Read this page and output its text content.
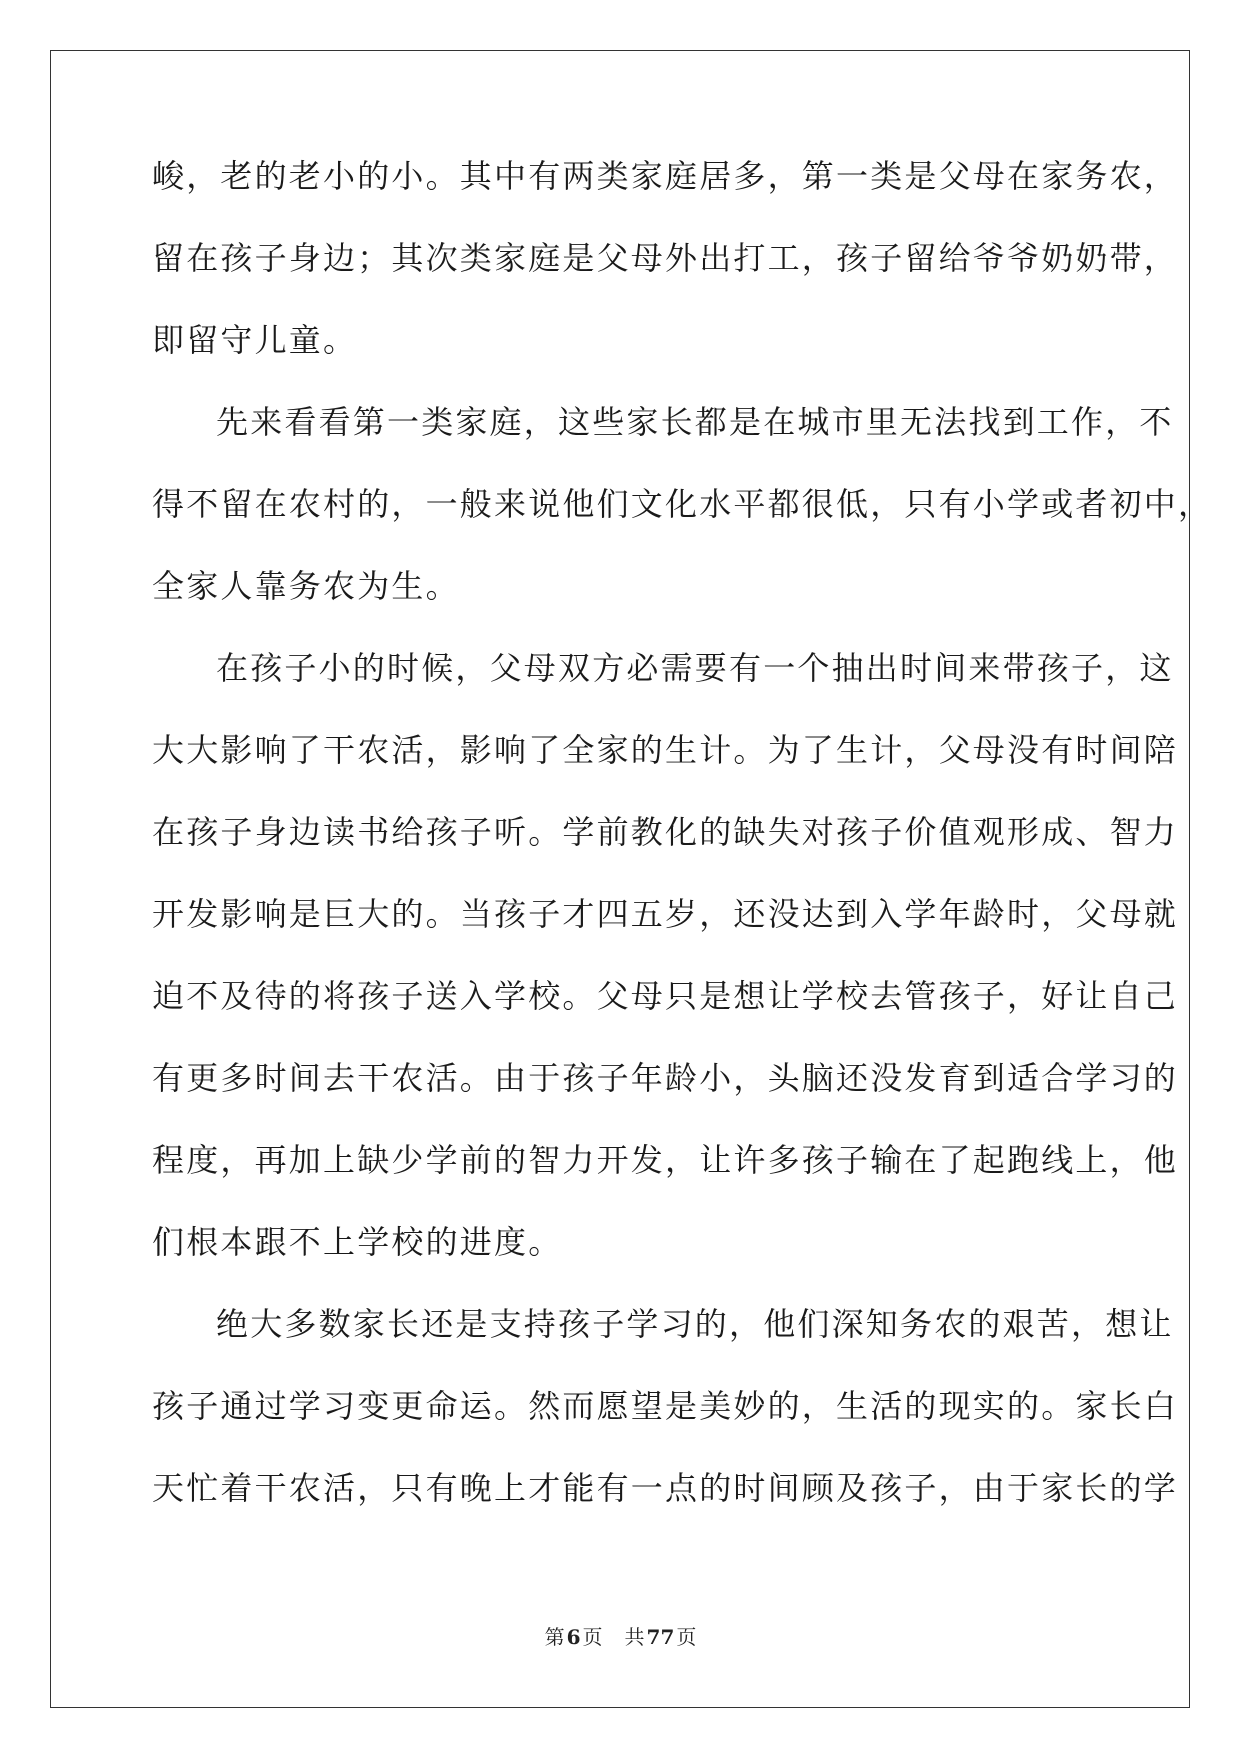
峻，老的老小的小。其中有两类家庭居多，第一类是父母在家务农，
留在孩子身边；其次类家庭是父母外出打工，孩子留给爷爷奶奶带，
即留守儿童。
先来看看第一类家庭，这些家长都是在城市里无法找到工作，不
得不留在农村的，一般来说他们文化水平都很低，只有小学或者初中，
全家人靠务农为生。
在孩子小的时候，父母双方必需要有一个抽出时间来带孩子，这
大大影响了干农活，影响了全家的生计。为了生计，父母没有时间陪
在孩子身边读书给孩子听。学前教化的缺失对孩子价值观形成、智力
开发影响是巨大的。当孩子才四五岁，还没达到入学年龄时，父母就
迫不及待的将孩子送入学校。父母只是想让学校去管孩子，好让自己
有更多时间去干农活。由于孩子年龄小，头脑还没发育到适合学习的
程度，再加上缺少学前的智力开发，让许多孩子输在了起跑线上，他
们根本跟不上学校的进度。
绝大多数家长还是支持孩子学习的，他们深知务农的艰苦，想让
孩子通过学习变更命运。然而愿望是美妙的，生活的现实的。家长白
天忙着干农活，只有晚上才能有一点的时间顾及孩子，由于家长的学
第 6 页 共 77 页
